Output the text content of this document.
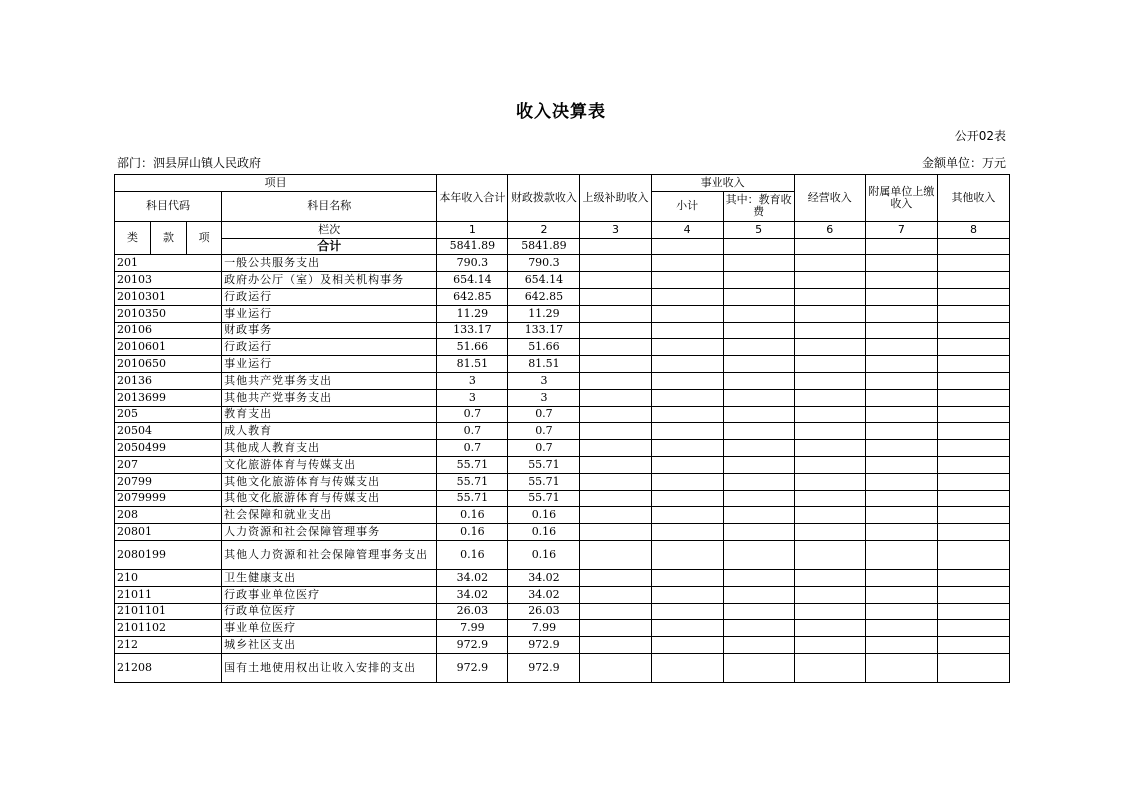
收入决算表
公开02表
部门：泗县屏山镇人民政府	金额单位：万元
项目				本年收入合计	财政拨款收入	上级补助收入	事业收入		经营收入	附属单位上缴收入	其他收入
科目代码			科目名称				小计	其中：教育收费			
类	款	项	栏次	1	2	3	4	5	6	7	8
			合计	5841.89	5841.89						
201			一般公共服务支出	790.3	790.3						
20103			政府办公厅（室）及相关机构事务	654.14	654.14						
2010301			行政运行	642.85	642.85						
2010350			事业运行	11.29	11.29						
20106			财政事务	133.17	133.17						
2010601			行政运行	51.66	51.66						
2010650			事业运行	81.51	81.51						
20136			其他共产党事务支出	3	3						
2013699			其他共产党事务支出	3	3						
205			教育支出	0.7	0.7						
20504			成人教育	0.7	0.7						
2050499			其他成人教育支出	0.7	0.7						
207			文化旅游体育与传媒支出	55.71	55.71						
20799			其他文化旅游体育与传媒支出	55.71	55.71						
2079999			其他文化旅游体育与传媒支出	55.71	55.71						
208			社会保障和就业支出	0.16	0.16						
20801			人力资源和社会保障管理事务	0.16	0.16						
2080199			其他人力资源和社会保障管理事务支出	0.16	0.16						
210			卫生健康支出	34.02	34.02						
21011			行政事业单位医疗	34.02	34.02						
2101101			行政单位医疗	26.03	26.03						
2101102			事业单位医疗	7.99	7.99						
212			城乡社区支出	972.9	972.9						
21208			国有土地使用权出让收入安排的支出	972.9	972.9						
